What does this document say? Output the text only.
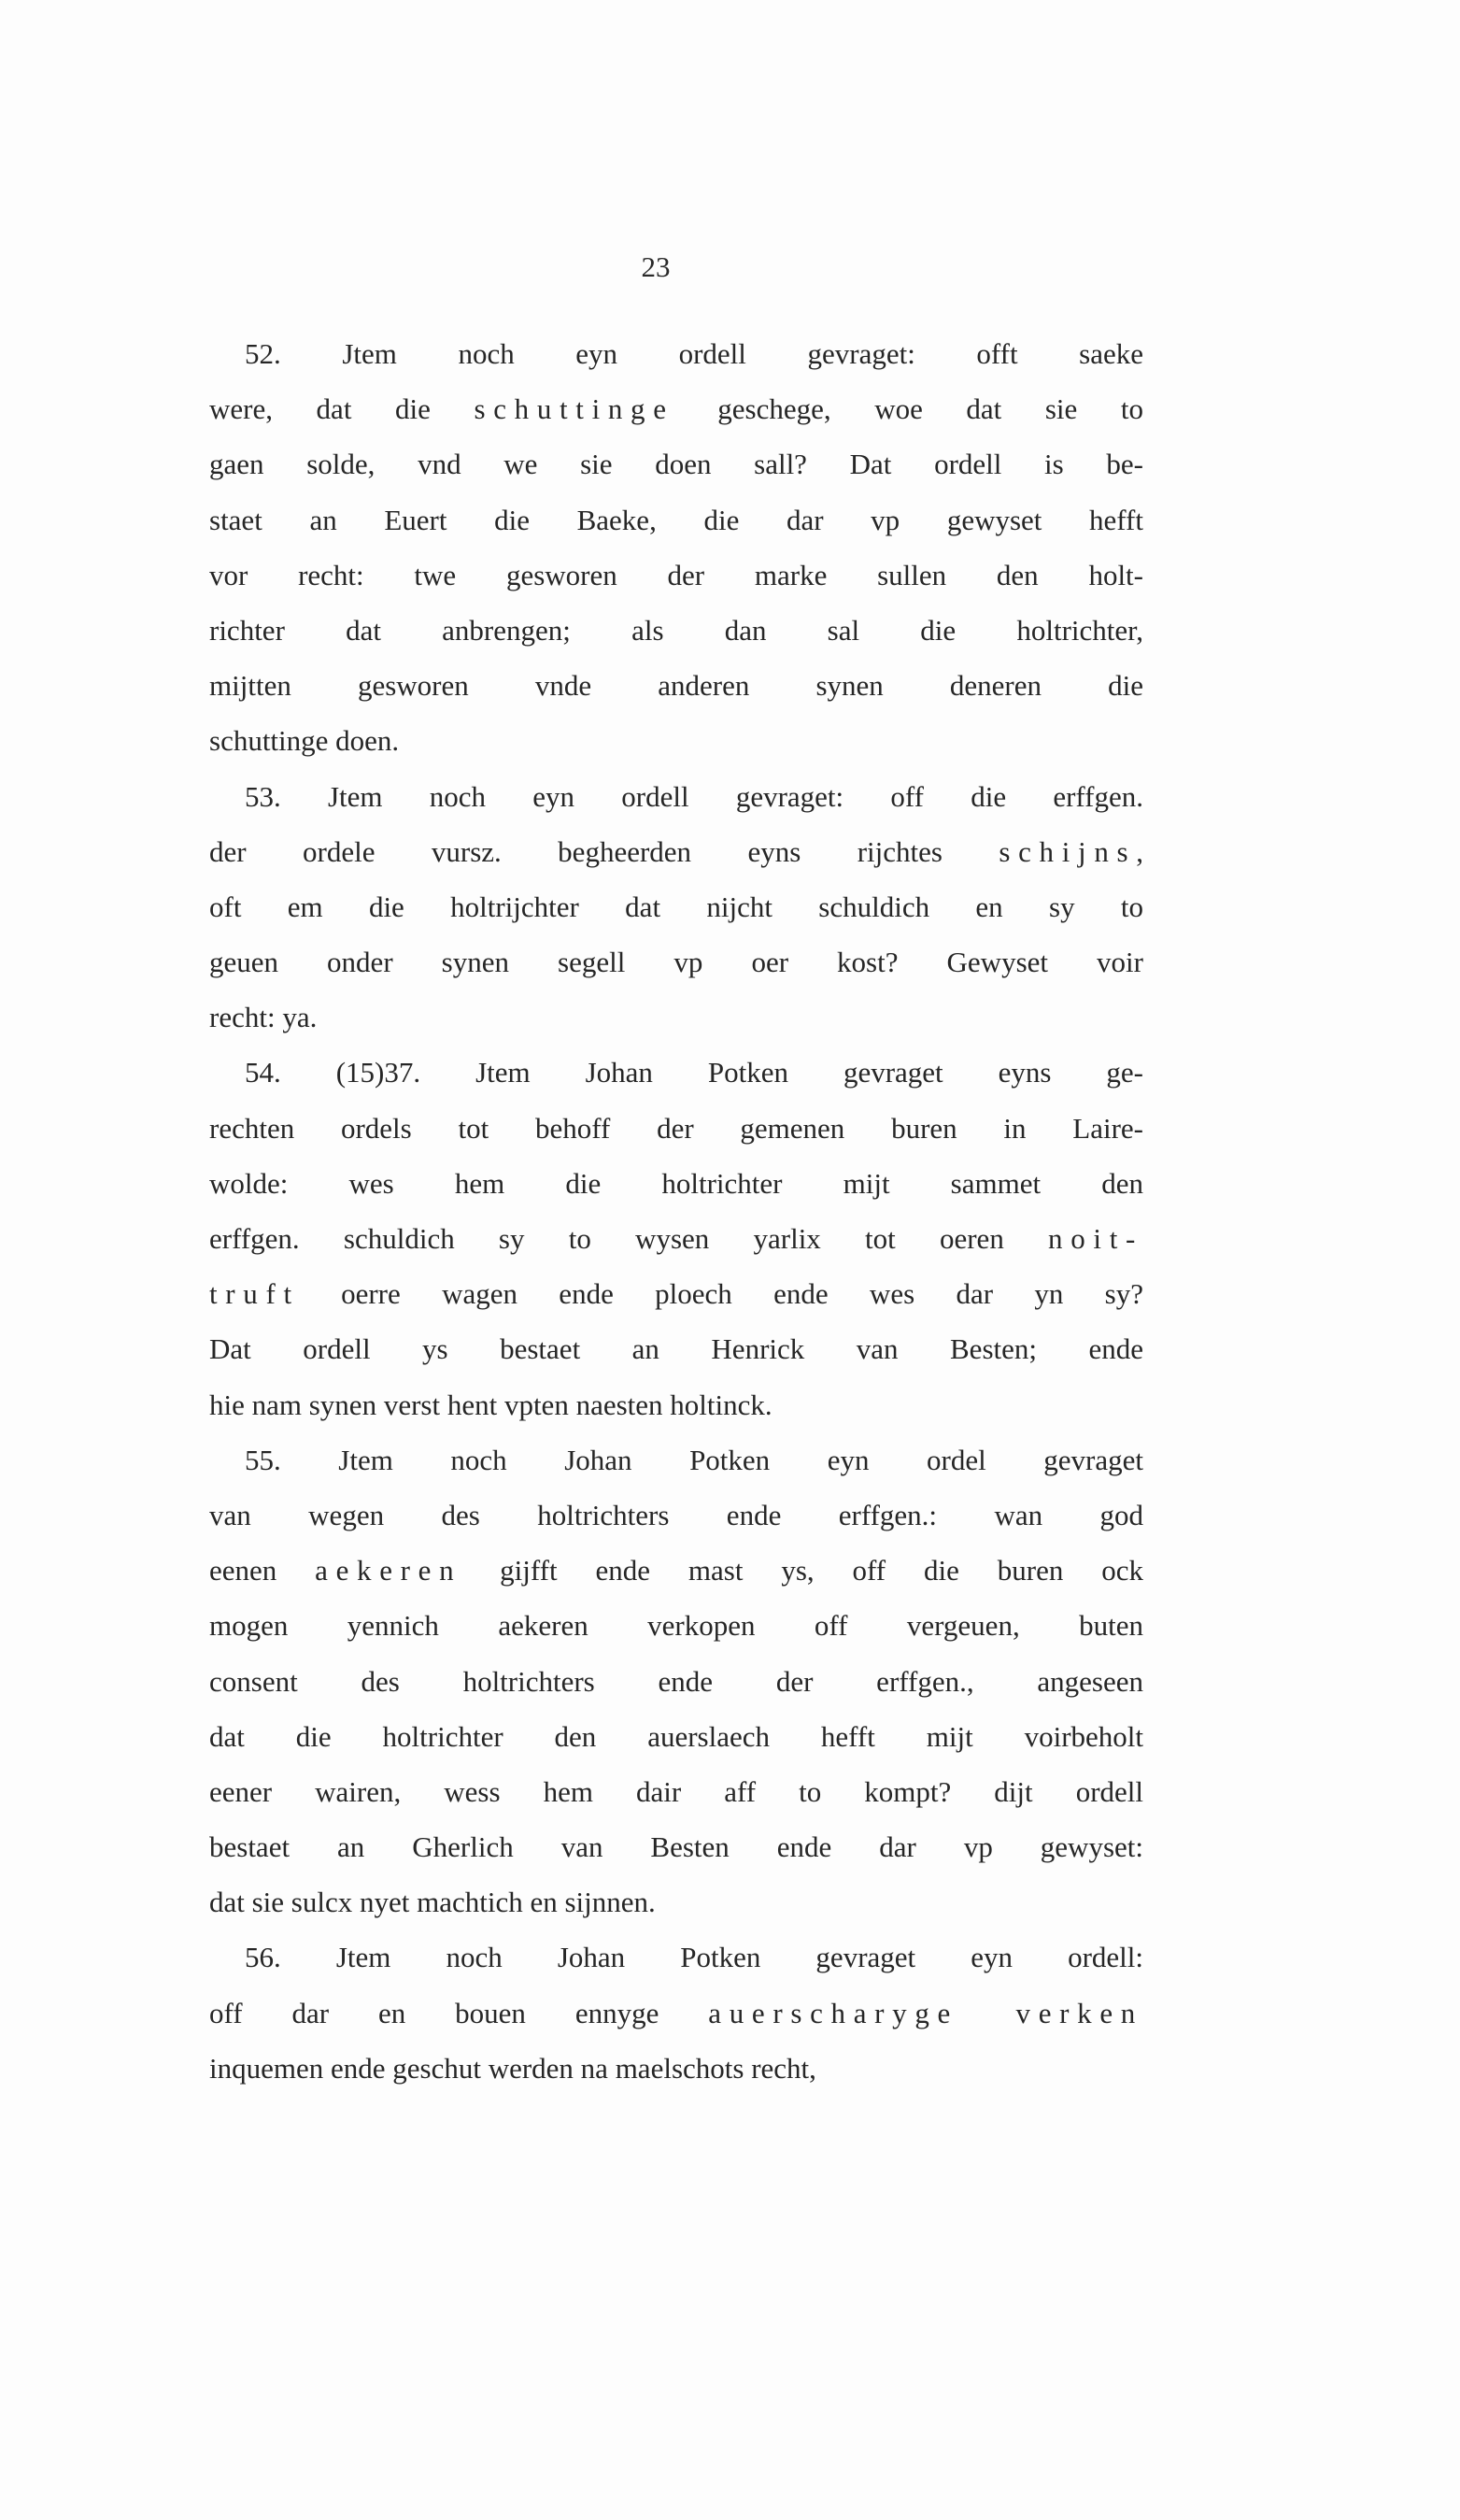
23
52. Jtem noch eyn ordell gevraget: offt saeke
were, dat die schuttinge geschege, woe dat sie to
gaen solde, vnd we sie doen sall? Dat ordell is be-
staet an Euert die Baeke, die dar vp gewyset hefft
vor recht: twe gesworen der marke sullen den holt-
richter dat anbrengen; als dan sal die holtrichter,
mijtten gesworen vnde anderen synen deneren die
schuttinge doen.
53. Jtem noch eyn ordell gevraget: off die erffgen.
der ordele vursz. begheerden eyns rijchtes schijns,
oft em die holtrijchter dat nijcht schuldich en sy to
geuen onder synen segell vp oer kost? Gewyset voir
recht: ya.
54. (15)37. Jtem Johan Potken gevraget eyns ge-
rechten ordels tot behoff der gemenen buren in Laire-
wolde: wes hem die holtrichter mijt sammet den
erffgen. schuldich sy to wysen yarlix tot oeren noit-
truft oerre wagen ende ploech ende wes dar yn sy?
Dat ordell ys bestaet an Henrick van Besten; ende
hie nam synen verst hent vpten naesten holtinck.
55. Jtem noch Johan Potken eyn ordel gevraget
van wegen des holtrichters ende erffgen.: wan god
eenen aekeren gijfft ende mast ys, off die buren ock
mogen yennich aekeren verkopen off vergeuen, buten
consent des holtrichters ende der erffgen., angeseen
dat die holtrichter den auerslaech hefft mijt voirbeholt
eener wairen, wess hem dair aff to kompt? dijt ordell
bestaet an Gherlich van Besten ende dar vp gewyset:
dat sie sulcx nyet machtich en sijnnen.
56. Jtem noch Johan Potken gevraget eyn ordell:
off dar en bouen ennyge auerscharyge verken
inquemen ende geschut werden na maelschots recht,
